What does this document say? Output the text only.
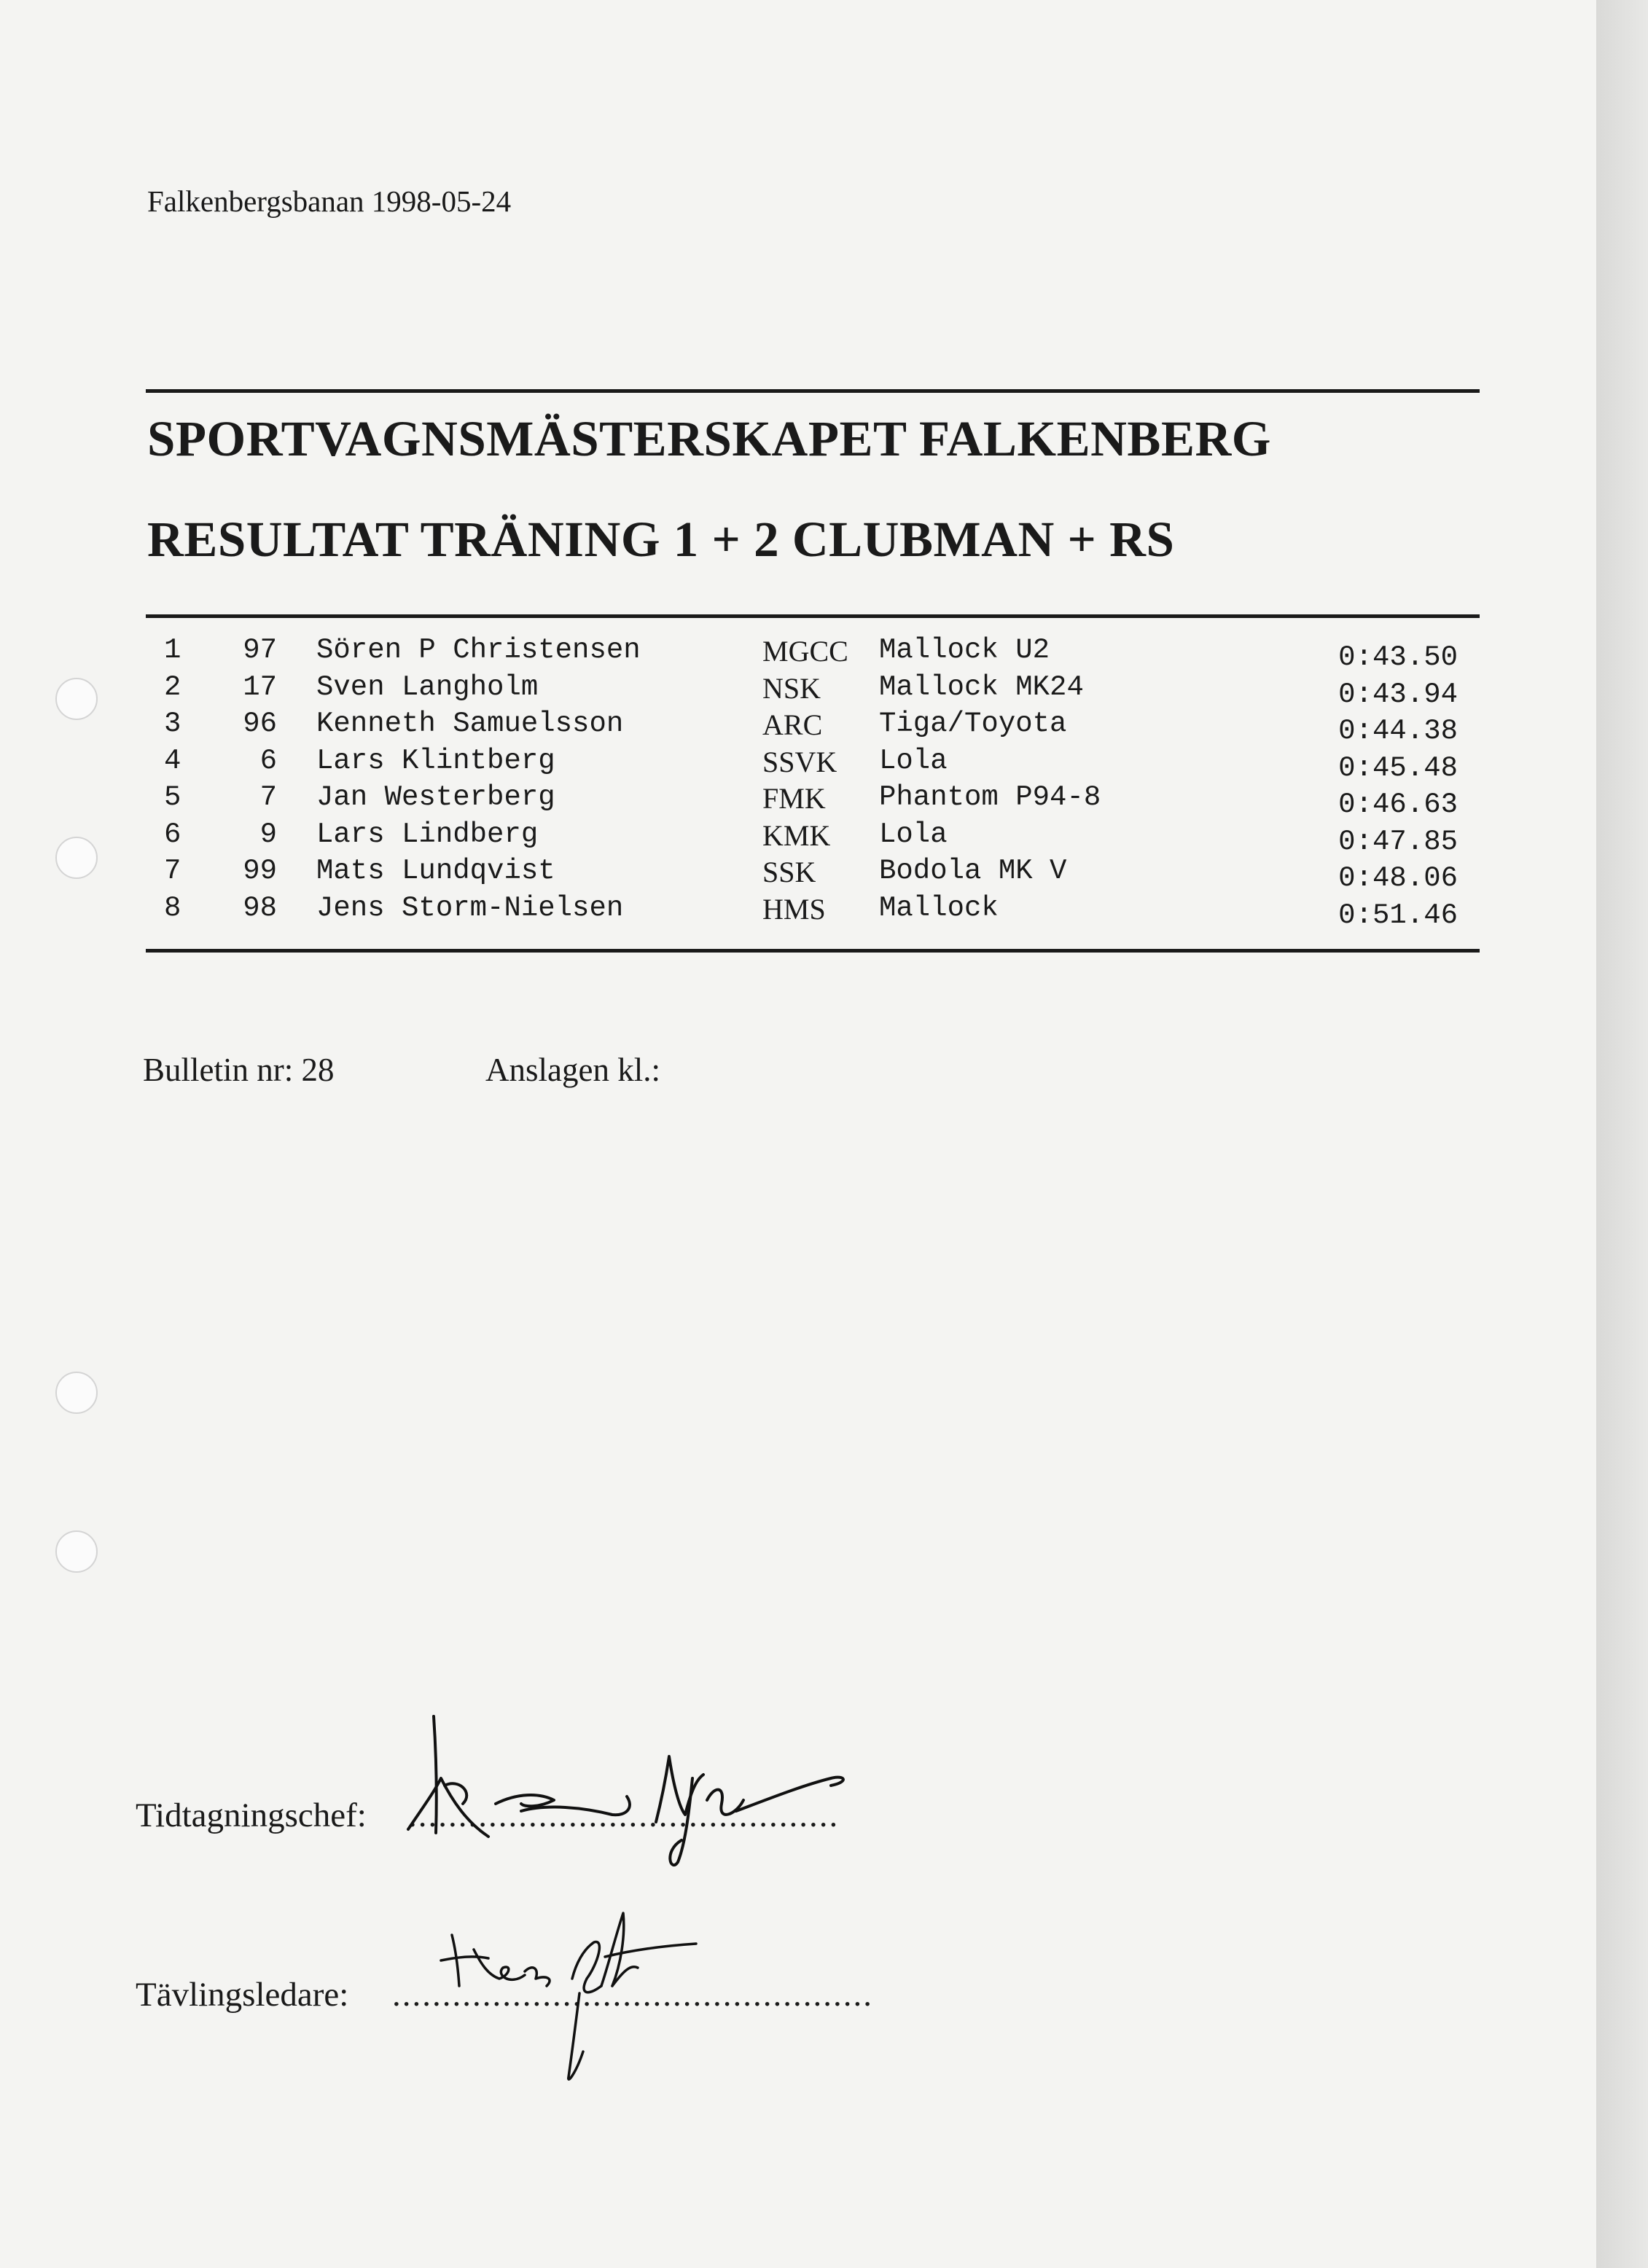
Falkenbergsbanan 1998-05-24
SPORTVAGNSMÄSTERSKAPET FALKENBERG
RESULTAT TRÄNING 1 + 2 CLUBMAN + RS
1	97 Sören P Christensen	MGCC Mallock U2	0:43.50
2	17 Sven Langholm	NSK Mallock MK24	0:43.94
3	96 Kenneth Samuelsson	ARC Tiga/Toyota	0:44.38
4	6 Lars Klintberg	SSVK Lola	0:45.48
5	7 Jan Westerberg	FMK Phantom P94-8	0:46.63
6	9 Lars Lindberg	KMK Lola	0:47.85
7	99 Mats Lundqvist	SSK Bodola MK V	0:48.06
8	98 Jens Storm-Nielsen	HMS Mallock	0:51.46
Bulletin nr: 28	Anslagen kl.:
Tidtagningschef: ...........................................
Tävlingsledare: ................................................
